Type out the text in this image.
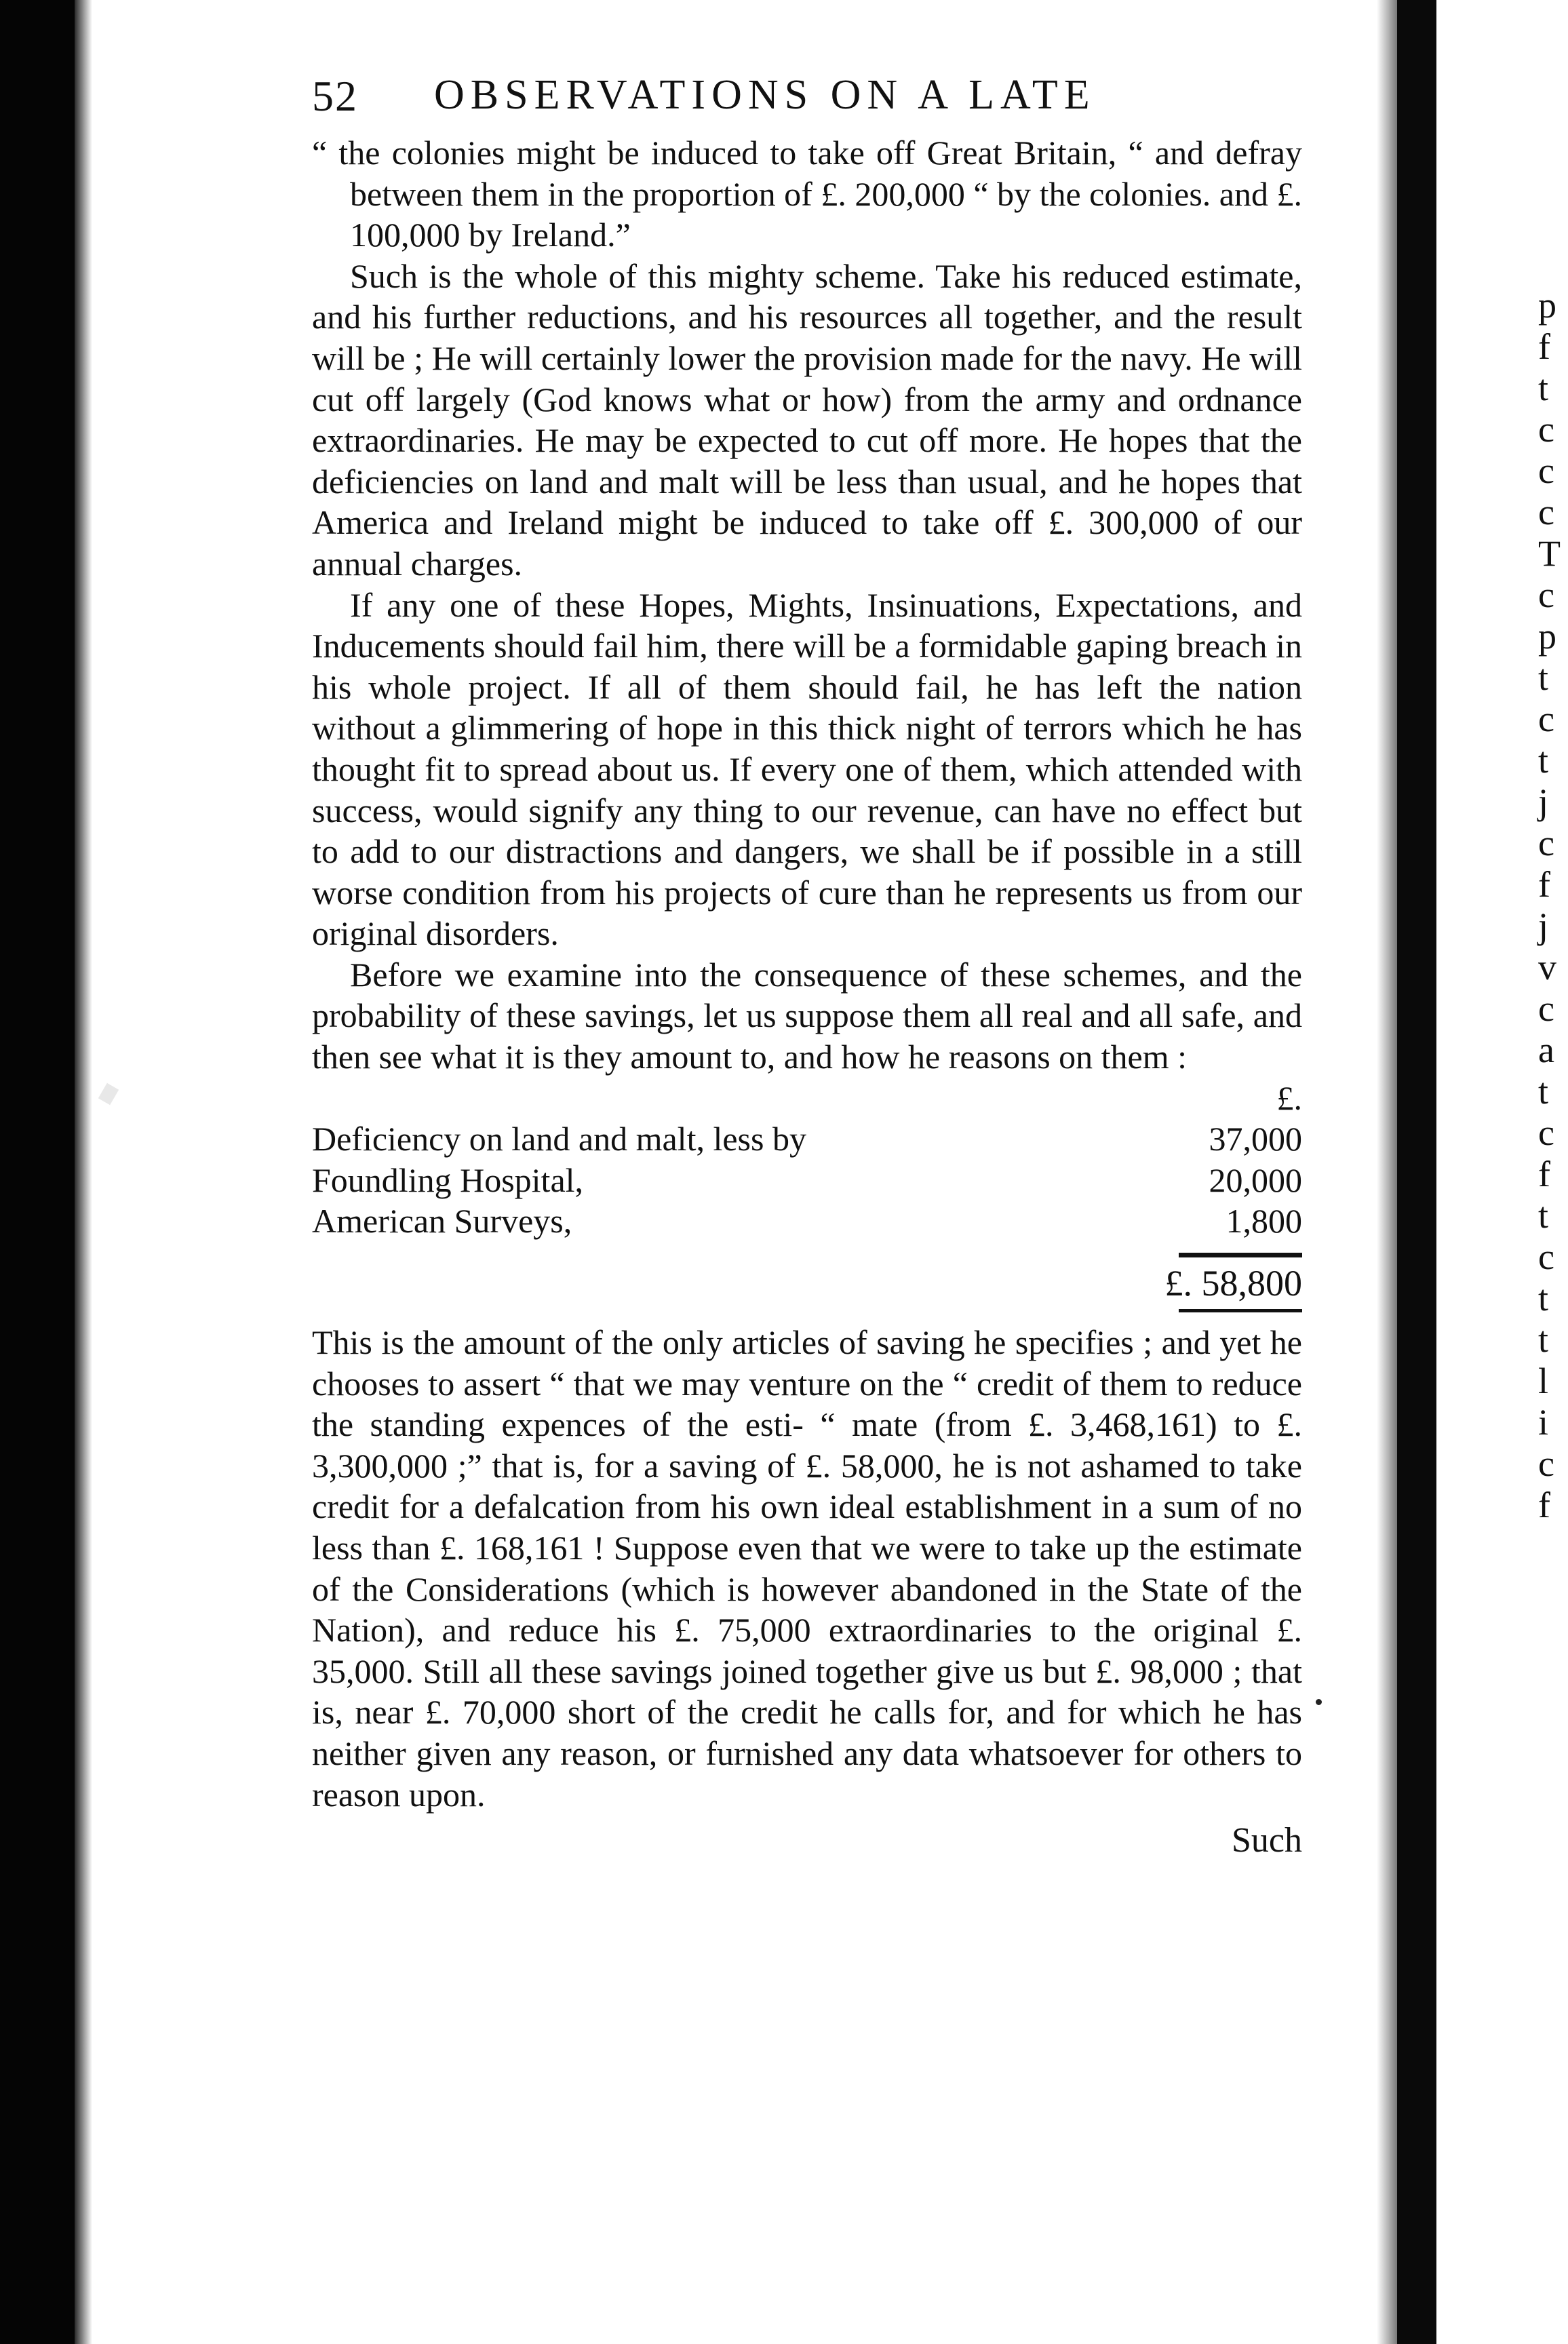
p
f
t
c
c
c
T
c
p
t
c
t
j
c
f
j
v
c
a
t
c
f
t
c
t
t
l
i
c
f
52 OBSERVATIONS ON A LATE

“ the colonies might be induced to take off Great Britain, “ and defray between them in the proportion of £. 200,000 “ by the colonies. and £. 100,000 by Ireland.”

Such is the whole of this mighty scheme. Take his reduced estimate, and his further reductions, and his resources all together, and the result will be ; He will certainly lower the provision made for the navy. He will cut off largely (God knows what or how) from the army and ordnance extraordinaries. He may be expected to cut off more. He hopes that the deficiencies on land and malt will be less than usual, and he hopes that America and Ireland might be induced to take off £. 300,000 of our annual charges.

If any one of these Hopes, Mights, Insinuations, Expectations, and Inducements should fail him, there will be a formidable gaping breach in his whole project. If all of them should fail, he has left the nation without a glimmering of hope in this thick night of terrors which he has thought fit to spread about us. If every one of them, which attended with success, would signify any thing to our revenue, can have no effect but to add to our distractions and dangers, we shall be if possible in a still worse condition from his projects of cure than he represents us from our original disorders.

Before we examine into the consequence of these schemes, and the probability of these savings, let us suppose them all real and all safe, and then see what it is they amount to, and how he reasons on them :

£.
Deficiency on land and malt, less by	37,000
Foundling Hospital,	20,000
American Surveys,	1,800
£. 58,800

This is the amount of the only articles of saving he specifies ; and yet he chooses to assert “ that we may venture on the “ credit of them to reduce the standing expences of the esti- “ mate (from £. 3,468,161) to £. 3,300,000 ;” that is, for a saving of £. 58,000, he is not ashamed to take credit for a defalcation from his own ideal establishment in a sum of no less than £. 168,161 ! Suppose even that we were to take up the estimate of the Considerations (which is however abandoned in the State of the Nation), and reduce his £. 75,000 extraordinaries to the original £. 35,000. Still all these savings joined together give us but £. 98,000 ; that is, near £. 70,000 short of the credit he calls for, and for which he has neither given any reason, or furnished any data whatsoever for others to reason upon.

Such
